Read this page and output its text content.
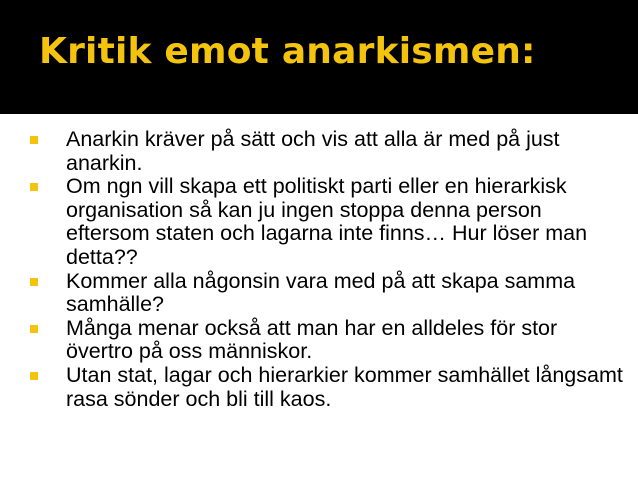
Kritik emot anarkismen:
Anarkin kräver på sätt och vis att alla är med på just anarkin.
Om ngn vill skapa ett politiskt parti eller en hierarkisk organisation så kan ju ingen stoppa denna person eftersom staten och lagarna inte finns… Hur löser man detta??
Kommer alla någonsin vara med på att skapa samma samhälle?
Många menar också att man har en alldeles för stor övertro på oss människor.
Utan stat, lagar och hierarkier kommer samhället långsamt rasa sönder och bli till kaos.
